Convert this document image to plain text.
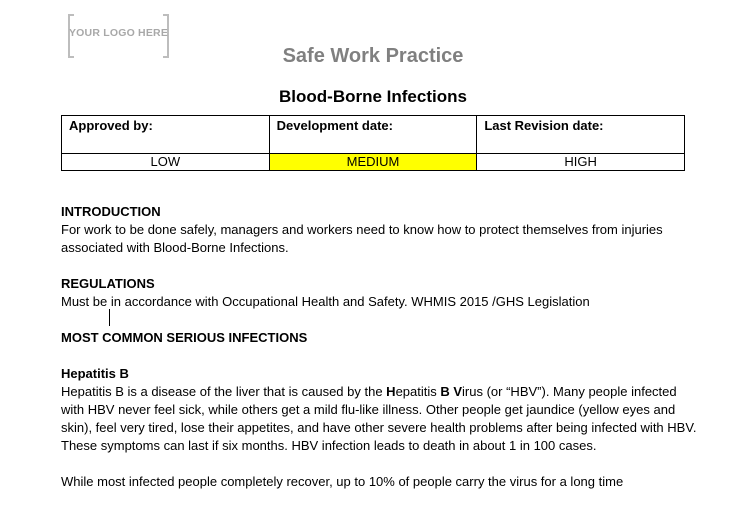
YOUR LOGO HERE
Safe Work Practice
Blood-Borne Infections
Approved by:	Development date:	Last Revision date:
LOW	MEDIUM	HIGH
INTRODUCTION

For work to be done safely, managers and workers need to know how to protect themselves from injuries associated with Blood-Borne Infections.

REGULATIONS

Must be in accordance with Occupational Health and Safety. WHMIS 2015 /GHS Legislation

MOST COMMON SERIOUS INFECTIONS

Hepatitis B

Hepatitis B is a disease of the liver that is caused by the Hepatitis B Virus (or “HBV”). Many people infected with HBV never feel sick, while others get a mild flu-like illness. Other people get jaundice (yellow eyes and skin), feel very tired, lose their appetites, and have other severe health problems after being infected with HBV. These symptoms can last if six months. HBV infection leads to death in about 1 in 100 cases.

While most infected people completely recover, up to 10% of people carry the virus for a long time
